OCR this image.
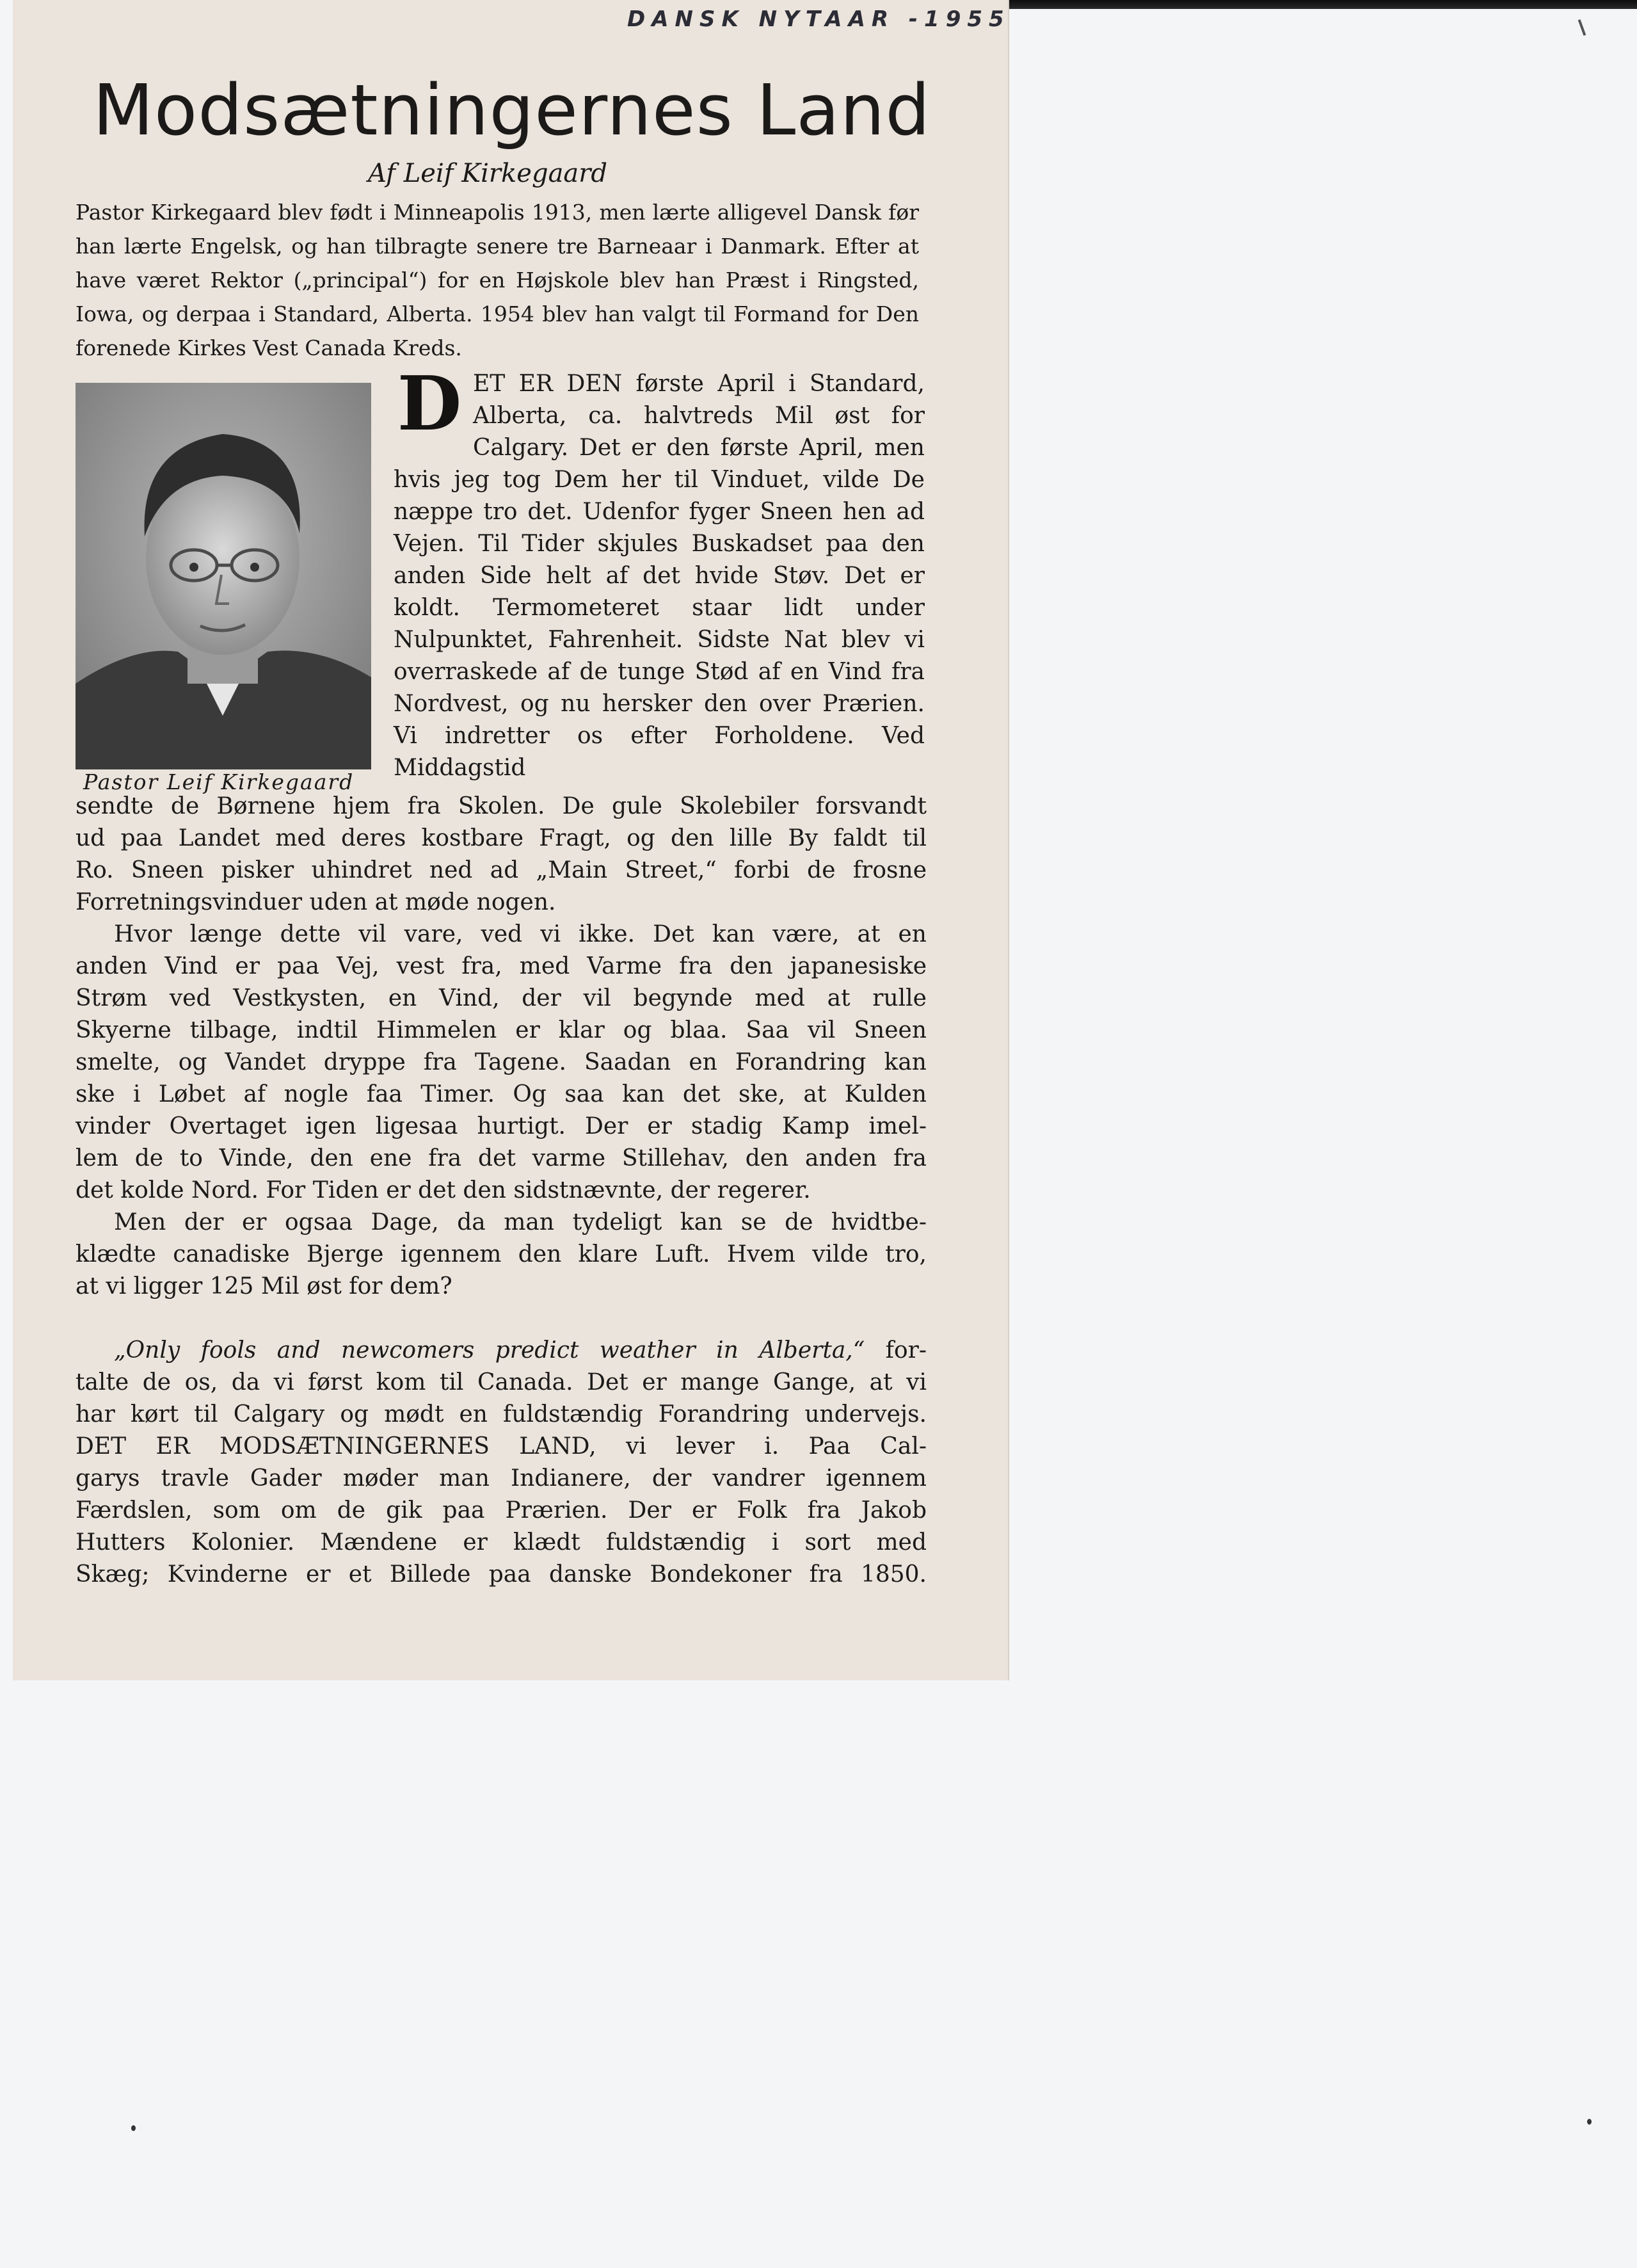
DANSK NYTAAR -1955
Modsætningernes Land
Af Leif Kirkegaard

Pastor Kirkegaard blev født i Minneapolis 1913, men lærte alligevel Dansk før han lærte Engelsk, og han tilbragte senere tre Barneaar i Danmark. Efter at have været Rektor („principal“) for en Højskole blev han Præst i Ringsted, Iowa, og derpaa i Standard, Alberta. 1954 blev han valgt til Formand for Den forenede Kirkes Vest Canada Kreds.

Pastor Leif Kirkegaard

DET ER DEN første April i Standard, Alberta, ca. halvtreds Mil øst for Calgary. Det er den første April, men hvis jeg tog Dem her til Vinduet, vilde De næppe tro det. Udenfor fyger Sneen hen ad Vejen. Til Tider skjules Buskadset paa den anden Side helt af det hvide Støv. Det er koldt. Termometeret staar lidt under Nulpunktet, Fahrenheit. Sidste Nat blev vi overraskede af de tunge Stød af en Vind fra Nordvest, og nu hersker den over Prærien. Vi indretter os efter Forholdene. Ved Middagstid

sendte de Børnene hjem fra Skolen. De gule Skolebiler forsvandt
ud paa Landet med deres kostbare Fragt, og den lille By faldt til
Ro. Sneen pisker uhindret ned ad „Main Street,“ forbi de frosne
Forretningsvinduer uden at møde nogen.
Hvor længe dette vil vare, ved vi ikke. Det kan være, at en
anden Vind er paa Vej, vest fra, med Varme fra den japanesiske
Strøm ved Vestkysten, en Vind, der vil begynde med at rulle
Skyerne tilbage, indtil Himmelen er klar og blaa. Saa vil Sneen
smelte, og Vandet dryppe fra Tagene. Saadan en Forandring kan
ske i Løbet af nogle faa Timer. Og saa kan det ske, at Kulden
vinder Overtaget igen ligesaa hurtigt. Der er stadig Kamp imel-
lem de to Vinde, den ene fra det varme Stillehav, den anden fra
det kolde Nord. For Tiden er det den sidstnævnte, der regerer.
Men der er ogsaa Dage, da man tydeligt kan se de hvidtbe-
klædte canadiske Bjerge igennem den klare Luft. Hvem vilde tro,
at vi ligger 125 Mil øst for dem?
„Only fools and newcomers predict weather in Alberta,“ for-
talte de os, da vi først kom til Canada. Det er mange Gange, at vi
har kørt til Calgary og mødt en fuldstændig Forandring undervejs.
DET ER MODSÆTNINGERNES LAND, vi lever i. Paa Cal-
garys travle Gader møder man Indianere, der vandrer igennem
Færdslen, som om de gik paa Prærien. Der er Folk fra Jakob
Hutters Kolonier. Mændene er klædt fuldstændig i sort med
Skæg; Kvinderne er et Billede paa danske Bondekoner fra 1850.
